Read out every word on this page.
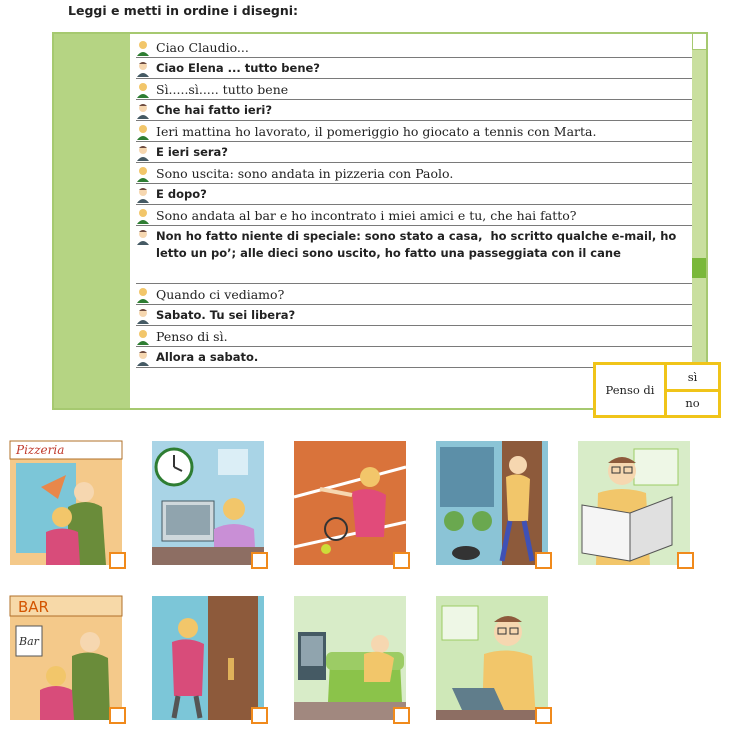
Leggi e metti in ordine i disegni:
Ciao Claudio...
Ciao Elena ... tutto bene?
Sì.....sì..... tutto bene
Che hai fatto ieri?
Ieri mattina ho lavorato, il pomeriggio ho giocato a tennis con Marta.
E ieri sera?
Sono uscita: sono andata in pizzeria con Paolo.
E dopo?
Sono andata al bar e ho incontrato i miei amici e tu, che hai fatto?
Non ho fatto niente di speciale: sono stato a casa,  ho scritto qualche e-mail, ho letto un po’; alle dieci sono uscito, ho fatto una passeggiata con il cane
Quando ci vediamo?
Sabato. Tu sei libera?
Penso di sì.
Allora a sabato.
Penso di
sì
no
Pizzeria
BAR
Bar
